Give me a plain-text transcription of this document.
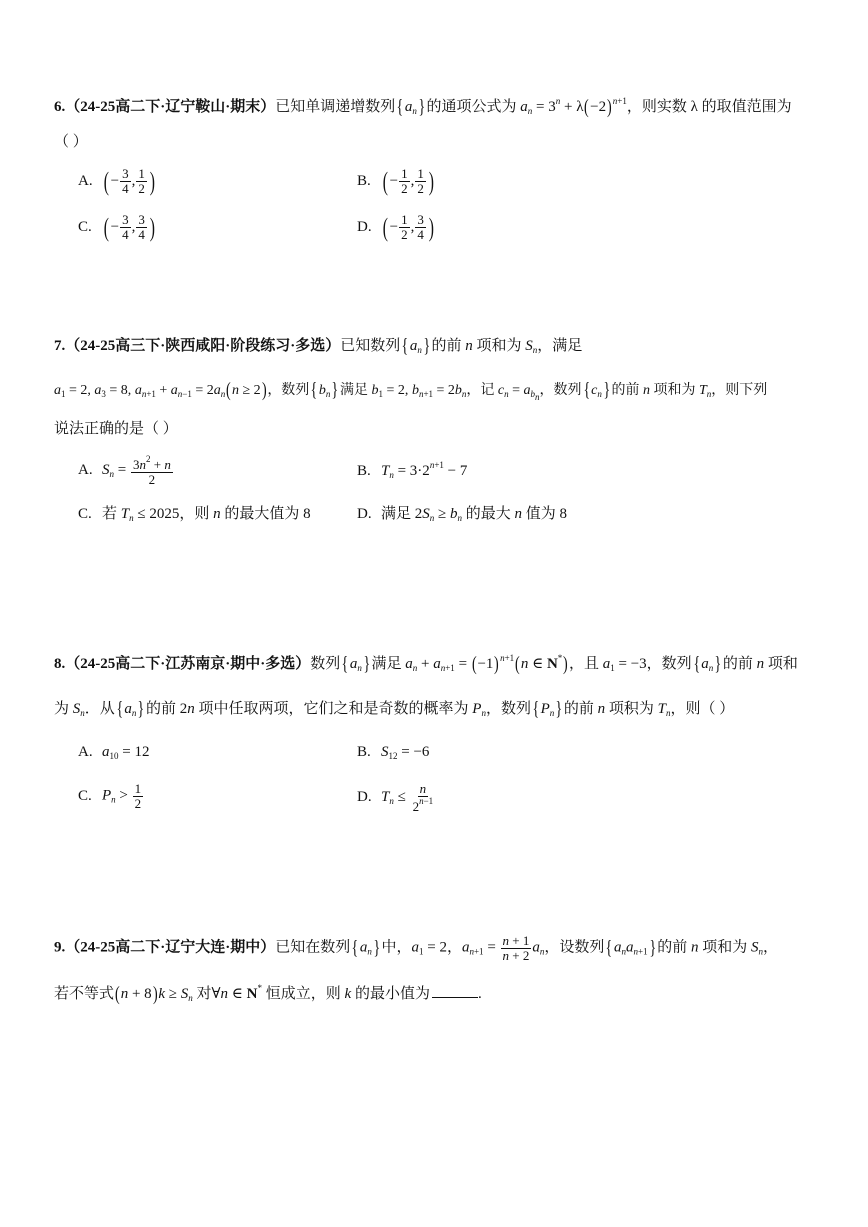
6.（24-25高二下·辽宁鞍山·期末）已知单调递增数列$\{a_n\}$的通项公式为 $a_n = 3^n + \lambda(-2)^{n+1}$，则实数 λ 的取值范围为
（ ）
A. ( − $\frac{3}{4}$ , $\frac{1}{2}$ )	B. ( − $\frac{1}{2}$ , $\frac{1}{2}$ )
C. ( − $\frac{3}{4}$ , $\frac{3}{4}$ )	D. ( − $\frac{1}{2}$ , $\frac{3}{4}$ )
7.（24-25高三下·陕西咸阳·阶段练习·多选）已知数列$\{a_n\}$的前 n 项和为 $S_n$，满足
$a_1 = 2$, $a_3 = 8$, $a_{n+1} + a_{n-1} = 2a_n(n \ge 2)$，数列$\{b_n\}$满足 $b_1 = 2$, $b_{n+1} = 2b_n$，记 $c_n = a_{b_n}$，数列$\{c_n\}$的前 n 项和为 $T_n$，则下列
说法正确的是（ ）
A. $S_n = \frac{3n^2 + n}{2}$	B. $T_n = 3\cdot 2^{n+1} - 7$
C. 若 $T_n \le 2025$，则 n 的最大值为 8	D. 满足 $2S_n \ge b_n$ 的最大 n 值为 8
8.（24-25高二下·江苏南京·期中·多选）数列$\{a_n\}$满足 $a_n + a_{n+1} = (-1)^{n+1}(n$ ∈ N*)，且 $a_1 = -3$，数列$\{a_n\}$的前 n 项和
为 $S_n$．从$\{a_n\}$的前 2n 项中任取两项，它们之和是奇数的概率为 $P_n$，数列$\{P_n\}$的前 n 项积为 $T_n$，则（ ）
A. $a_{10} = 12$	B. $S_{12} = -6$
C. $P_n > \frac{1}{2}$	D. $T_n \le \frac{n}{2^{n-1}}$
9.（24-25高二下·辽宁大连·期中）已知在数列$\{a_n\}$中，$a_1 = 2$，$a_{n+1} = \frac{n + 1}{n + 2} a_n$，设数列$\{a_na_{n+1}\}$的前 n 项和为 $S_n$，
若不等式$(n + 8)k \ge S_n$ 对∀n ∈ N* 恒成立，则 k 的最小值为	.
